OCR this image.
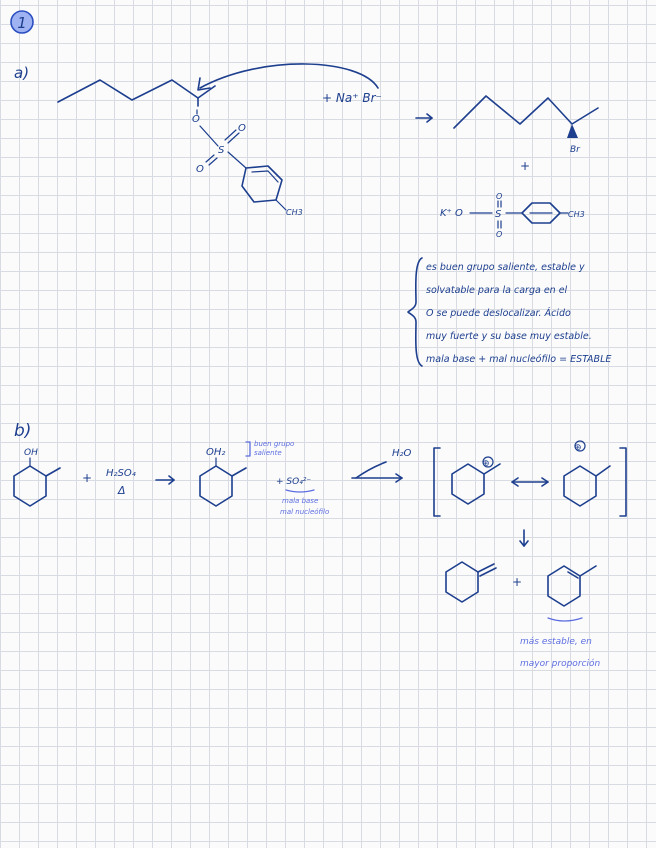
1
a)
O
S
O
O
CH3
+ Na⁺ Br⁻
Br
+
K⁺ O	S
O
O
CH3
es buen grupo saliente, estable y
solvatable para la carga en el
O se puede deslocalizar. Ácido
muy fuerte y su base muy estable.
mala base + mal nucleófilo = ESTABLE
b)
OH
+ H₂SO₄
Δ
OH₂
buen grupo
saliente
+ SO₄²⁻
mala base
mal nucleófilo
H₂O
⊕
⊕
+
más estable, en
mayor proporción
